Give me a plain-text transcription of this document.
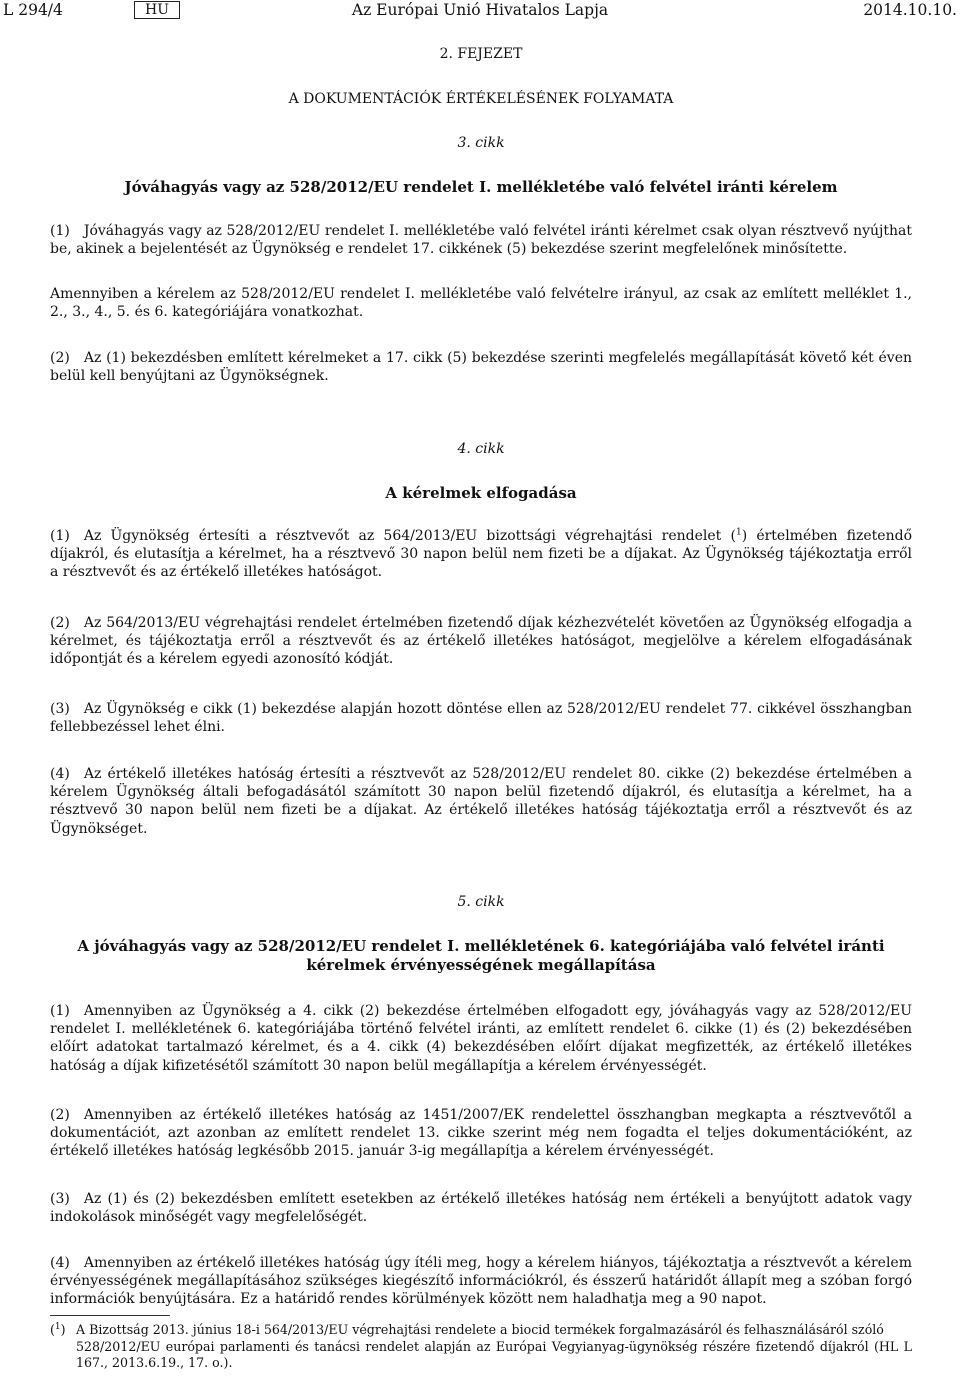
L 294/4	HU	Az Európai Unió Hivatalos Lapja	2014.10.10.
2. FEJEZET
A DOKUMENTÁCIÓK ÉRTÉKELÉSÉNEK FOLYAMATA
3. cikk
Jóváhagyás vagy az 528/2012/EU rendelet I. mellékletébe való felvétel iránti kérelem
(1) Jóváhagyás vagy az 528/2012/EU rendelet I. mellékletébe való felvétel iránti kérelmet csak olyan résztvevő nyújthat be, akinek a bejelentését az Ügynökség e rendelet 17. cikkének (5) bekezdése szerint megfelelőnek minősítette.
Amennyiben a kérelem az 528/2012/EU rendelet I. mellékletébe való felvételre irányul, az csak az említett melléklet 1., 2., 3., 4., 5. és 6. kategóriájára vonatkozhat.
(2) Az (1) bekezdésben említett kérelmeket a 17. cikk (5) bekezdése szerinti megfelelés megállapítását követő két éven belül kell benyújtani az Ügynökségnek.
4. cikk
A kérelmek elfogadása
(1) Az Ügynökség értesíti a résztvevőt az 564/2013/EU bizottsági végrehajtási rendelet ($^1$) értelmében fizetendő díjakról, és elutasítja a kérelmet, ha a résztvevő 30 napon belül nem fizeti be a díjakat. Az Ügynökség tájékoztatja erről a résztvevőt és az értékelő illetékes hatóságot.
(2) Az 564/2013/EU végrehajtási rendelet értelmében fizetendő díjak kézhezvételét követően az Ügynökség elfogadja a kérelmet, és tájékoztatja erről a résztvevőt és az értékelő illetékes hatóságot, megjelölve a kérelem elfogadásának időpontját és a kérelem egyedi azonosító kódját.
(3) Az Ügynökség e cikk (1) bekezdése alapján hozott döntése ellen az 528/2012/EU rendelet 77. cikkével összhangban fellebbezéssel lehet élni.
(4) Az értékelő illetékes hatóság értesíti a résztvevőt az 528/2012/EU rendelet 80. cikke (2) bekezdése értelmében a kérelem Ügynökség általi befogadásától számított 30 napon belül fizetendő díjakról, és elutasítja a kérelmet, ha a résztvevő 30 napon belül nem fizeti be a díjakat. Az értékelő illetékes hatóság tájékoztatja erről a résztvevőt és az Ügynökséget.
5. cikk
A jóváhagyás vagy az 528/2012/EU rendelet I. mellékletének 6. kategóriájába való felvétel iránti kérelmek érvényességének megállapítása
(1) Amennyiben az Ügynökség a 4. cikk (2) bekezdése értelmében elfogadott egy, jóváhagyás vagy az 528/2012/EU rendelet I. mellékletének 6. kategóriájába történő felvétel iránti, az említett rendelet 6. cikke (1) és (2) bekezdésében előírt adatokat tartalmazó kérelmet, és a 4. cikk (4) bekezdésében előírt díjakat megfizették, az értékelő illetékes hatóság a díjak kifizetésétől számított 30 napon belül megállapítja a kérelem érvényességét.
(2) Amennyiben az értékelő illetékes hatóság az 1451/2007/EK rendelettel összhangban megkapta a résztvevőtől a dokumentációt, azt azonban az említett rendelet 13. cikke szerint még nem fogadta el teljes dokumentációként, az értékelő illetékes hatóság legkésőbb 2015. január 3-ig megállapítja a kérelem érvényességét.
(3) Az (1) és (2) bekezdésben említett esetekben az értékelő illetékes hatóság nem értékeli a benyújtott adatok vagy indokolások minőségét vagy megfelelőségét.
(4) Amennyiben az értékelő illetékes hatóság úgy ítéli meg, hogy a kérelem hiányos, tájékoztatja a résztvevőt a kérelem érvényességének megállapításához szükséges kiegészítő információkról, és ésszerű határidőt állapít meg a szóban forgó információk benyújtására. Ez a határidő rendes körülmények között nem haladhatja meg a 90 napot.
($^1$) A Bizottság 2013. június 18-i 564/2013/EU végrehajtási rendelete a biocid termékek forgalmazásáról és felhasználásáról szóló
528/2012/EU európai parlamenti és tanácsi rendelet alapján az Európai Vegyianyag-ügynökség részére fizetendő díjakról (HL L 167., 2013.6.19., 17. o.).
